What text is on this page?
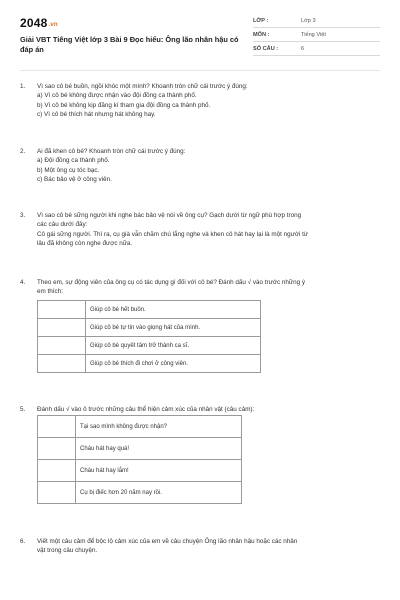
2048.vn
Giải VBT Tiếng Việt lớp 3 Bài 9 Đọc hiểu: Ông lão nhân hậu có đáp án
LỚP :	Lớp 3
MÔN :	Tiếng Việt
SỐ CÂU :	6
1. Vì sao cô bé buồn, ngồi khóc một mình? Khoanh tròn chữ cái trước ý đúng:
a) Vì cô bé không được nhận vào đội đồng ca thành phố.
b) Vì cô bé không kịp đăng kí tham gia đội đồng ca thành phố.
c) Vì cô bé thích hát nhưng hát không hay.
2. Ai đã khen cô bé? Khoanh tròn chữ cái trước ý đúng:
a) Đội đồng ca thành phố.
b) Một ông cụ tóc bạc.
c) Bác bảo vệ ở công viên.
3. Vì sao cô bé sững người khi nghe bác bảo vệ nói về ông cụ? Gạch dưới từ ngữ phù hợp trong
các câu dưới đây:
Cô gái sững người. Thì ra, cụ già vẫn chăm chú lắng nghe và khen cô hát hay lại là một người từ
lâu đã không còn nghe được nữa.
4. Theo em, sự động viên của ông cụ có tác dụng gì đối với cô bé? Đánh dấu √ vào trước những ý
em thích:
	Giúp cô bé hết buồn.
	Giúp cô bé tự tin vào giọng hát của mình.
	Giúp cô bé quyết tâm trở thành ca sĩ.
	Giúp cô bé thích đi chơi ở công viên.
5. Đánh dấu √ vào ô trước những câu thể hiện cảm xúc của nhân vật (câu cảm):
	Tại sao mình không được nhận?
	Cháu hát hay quá!
	Cháu hát hay lắm!
	Cụ bị điếc hơn 20 năm nay rồi.
6. Viết một câu cảm để bộc lộ cảm xúc của em về câu chuyện Ông lão nhân hậu hoặc các nhân
vật trong câu chuyện.
